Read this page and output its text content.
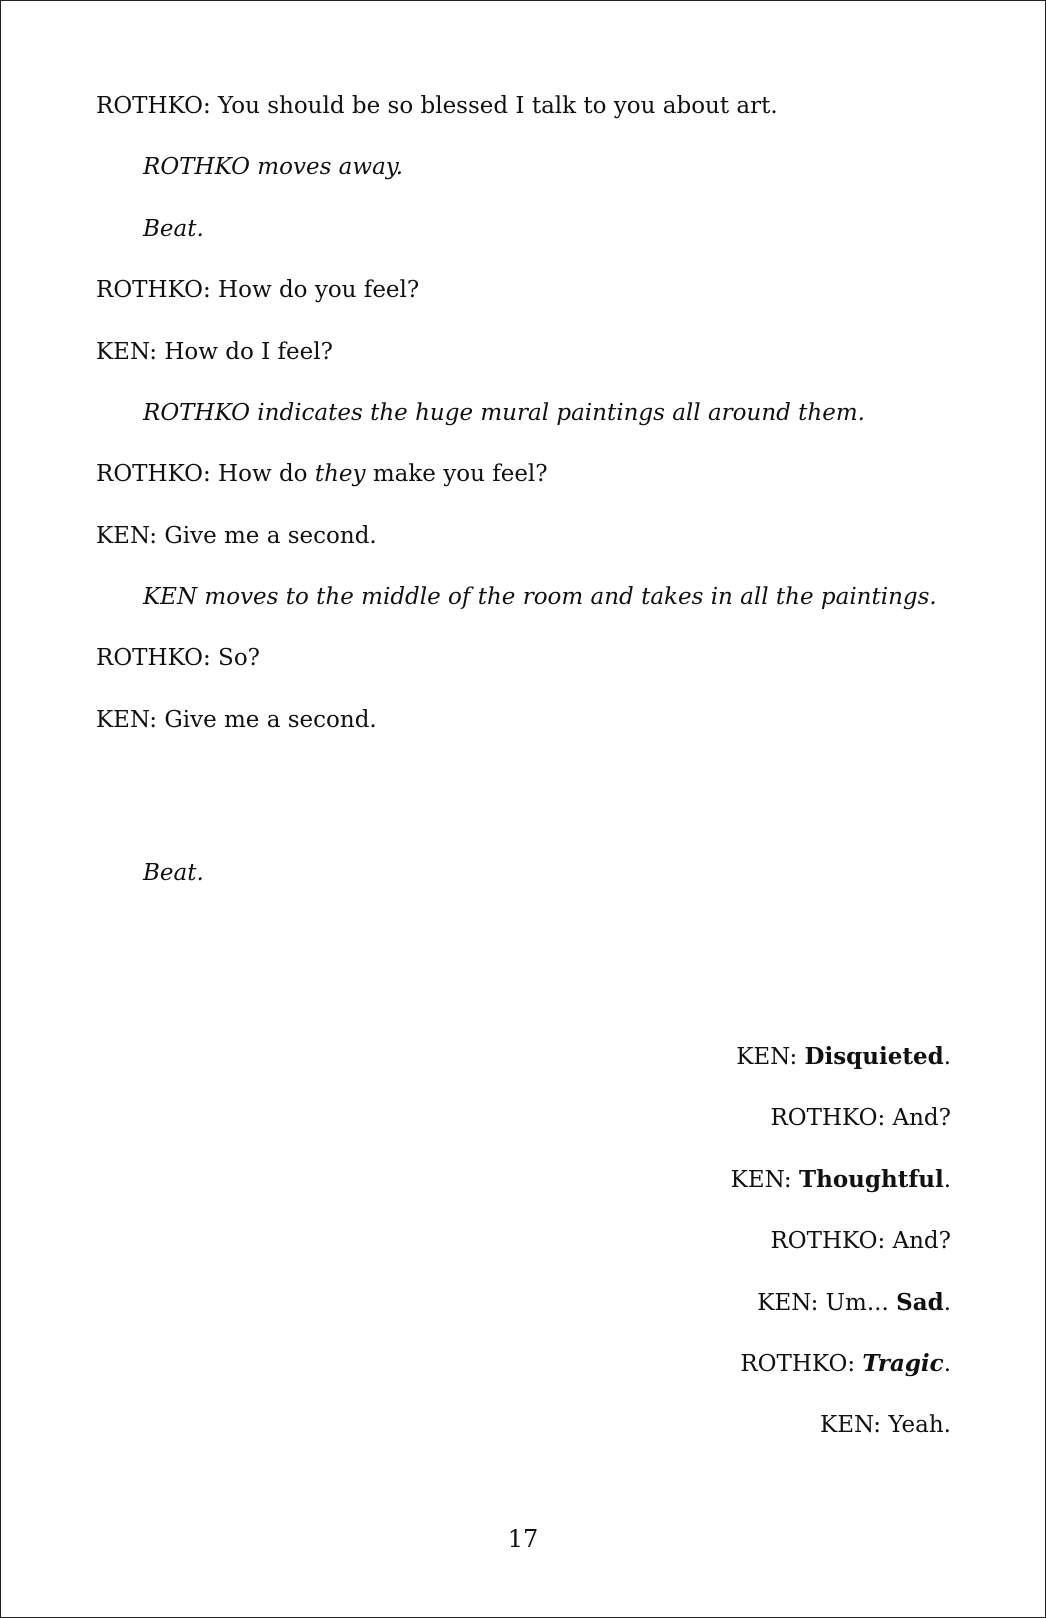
ROTHKO: You should be so blessed I talk to you about art.

ROTHKO moves away.

Beat.

ROTHKO: How do you feel?

KEN: How do I feel?

ROTHKO indicates the huge mural paintings all around them.

ROTHKO: How do they make you feel?

KEN: Give me a second.

KEN moves to the middle of the room and takes in all the paintings.

ROTHKO: So?

KEN: Give me a second.

Beat.

KEN: Disquieted.

ROTHKO: And?

KEN: Thoughtful.

ROTHKO: And?

KEN: Um... Sad.

ROTHKO: Tragic.

KEN: Yeah.

17
